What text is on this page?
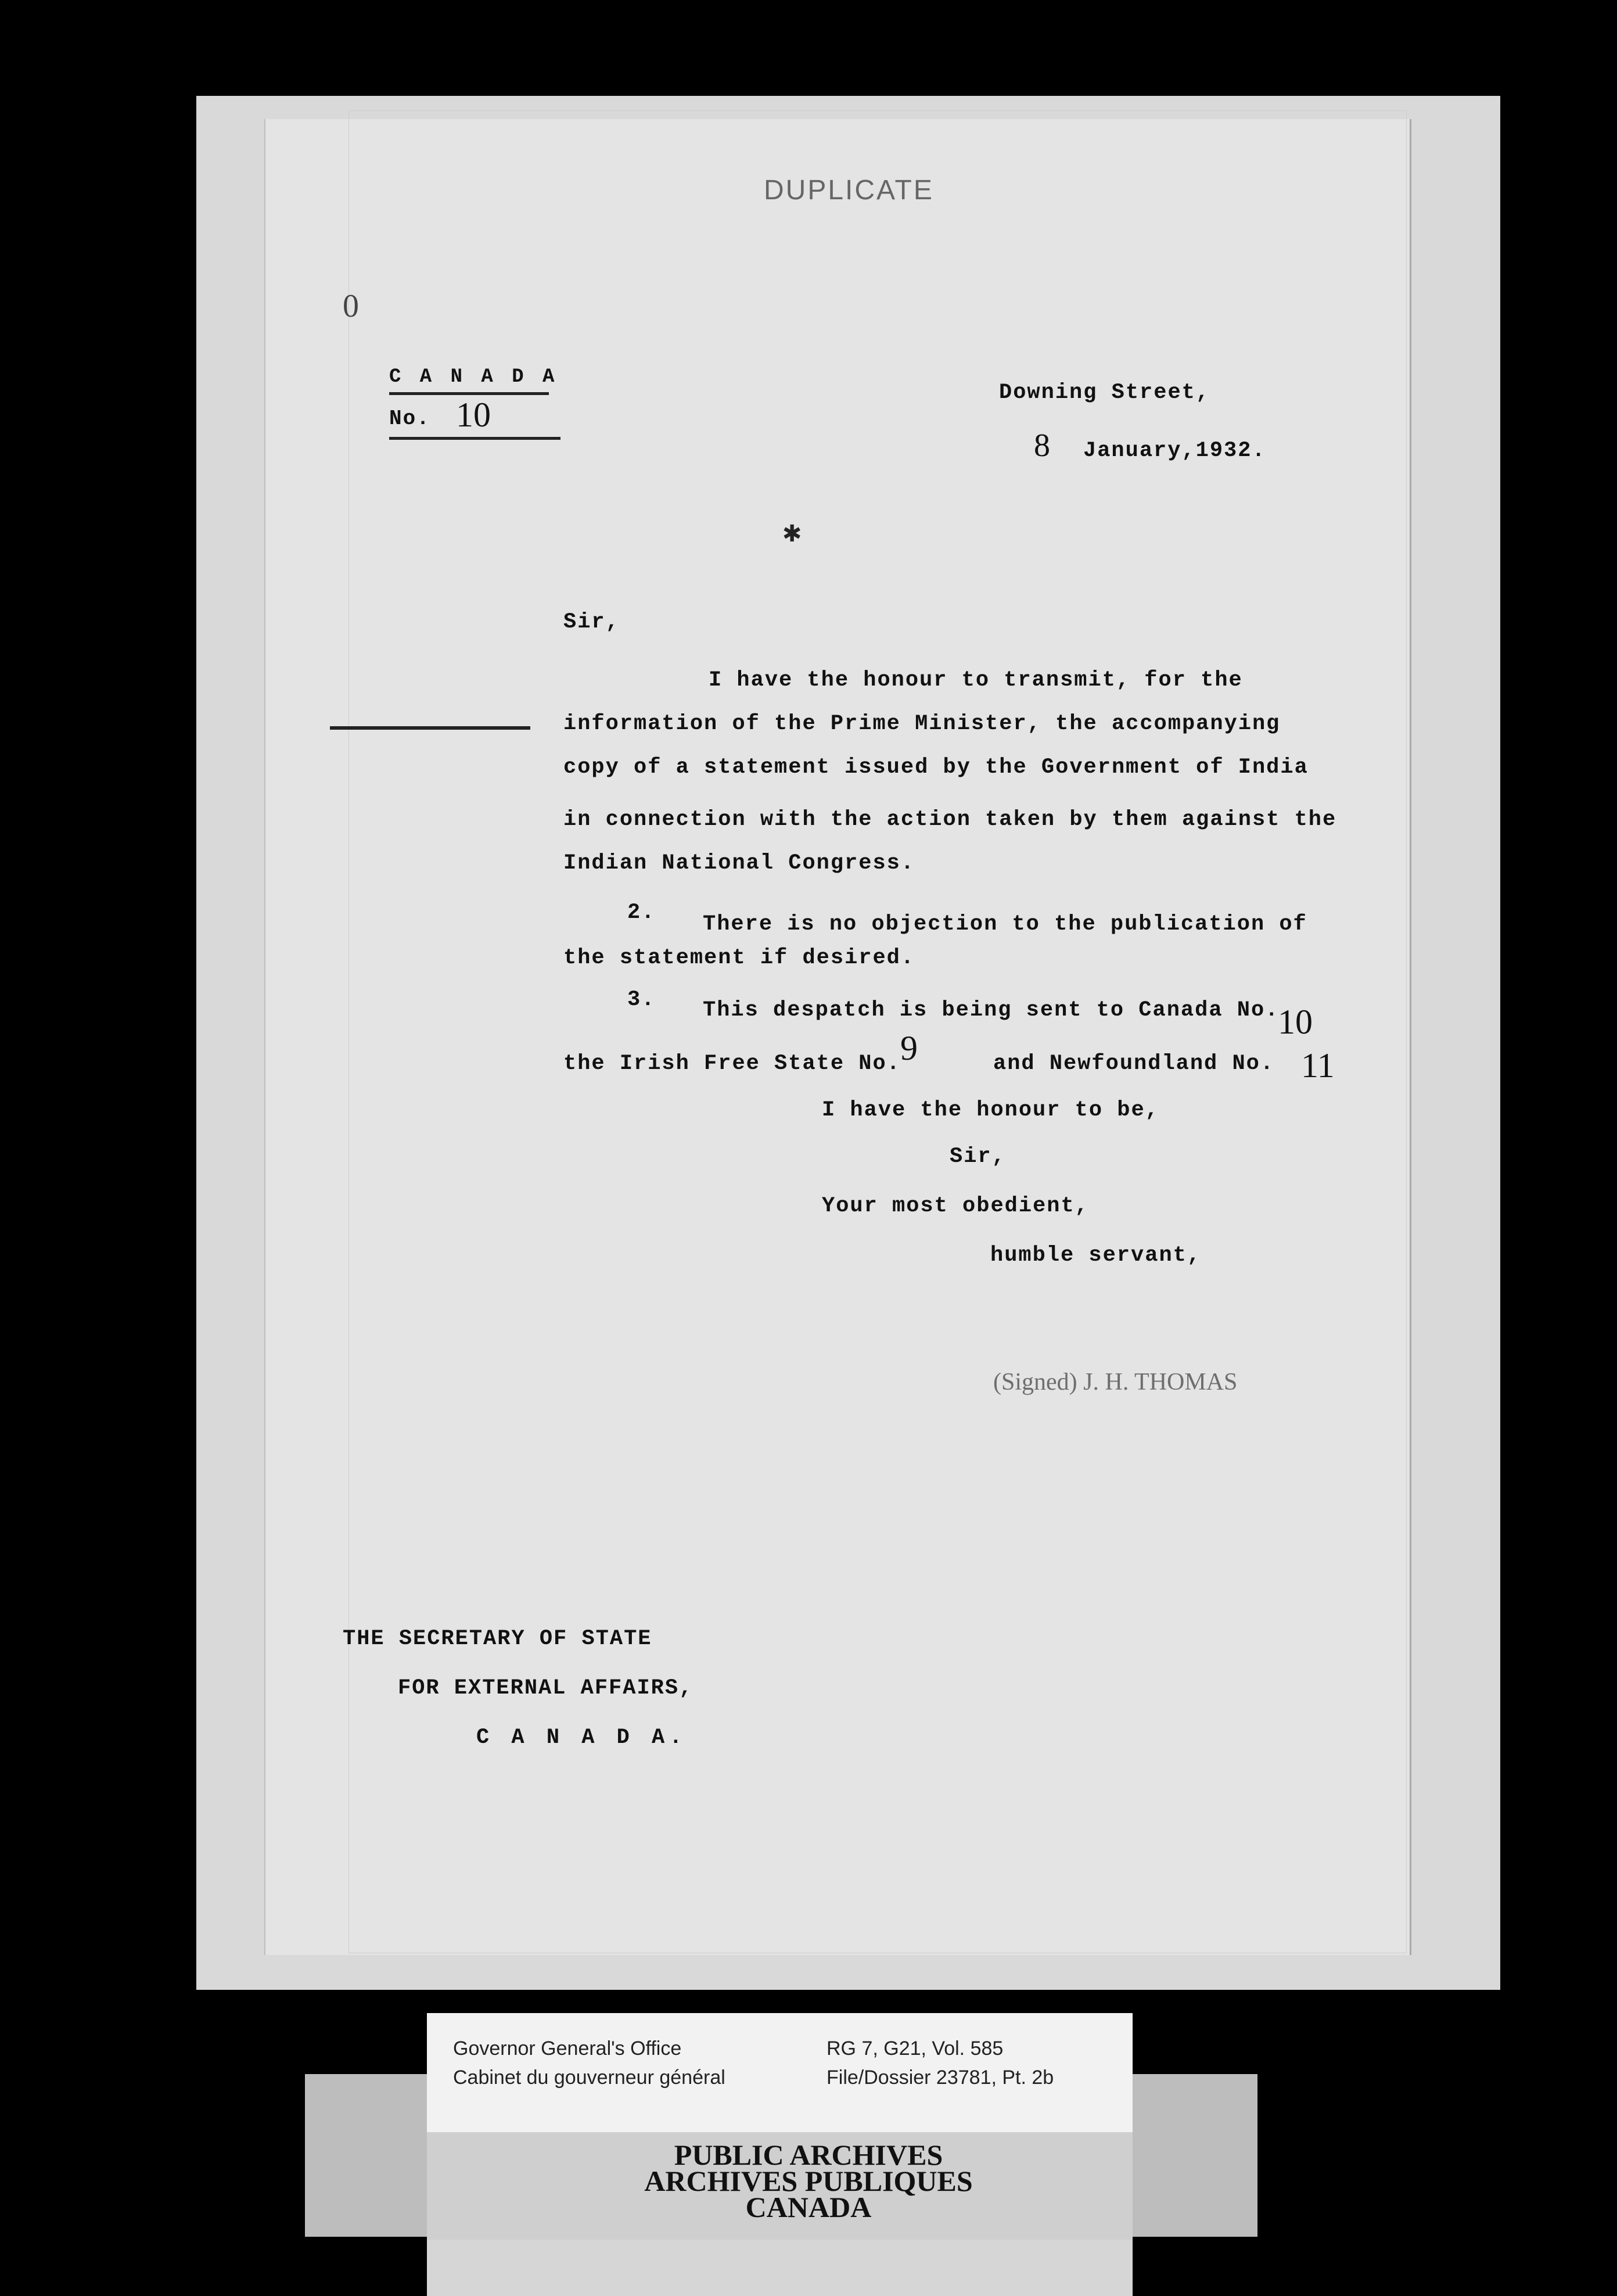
DUPLICATE
0
C A N A D A
No. 10
Downing Street,
8 January,1932.
✱
Sir,
I have the honour to transmit, for the
information of the Prime Minister, the accompanying
copy of a statement issued by the Government of India
in connection with the action taken by them against the
Indian National Congress.
2. There is no objection to the publication of
the statement if desired.
3. This despatch is being sent to Canada No.
10
the Irish Free State No. 9	and Newfoundland No. 11
I have the honour to be,
Sir,
Your most obedient,
humble servant,
(Signed) J. H. THOMAS
THE SECRETARY OF STATE
FOR EXTERNAL AFFAIRS,
C A N A D A.
Governor General's Office
Cabinet du gouverneur général
RG 7, G21, Vol. 585
File/Dossier 23781, Pt. 2b
PUBLIC ARCHIVES
ARCHIVES PUBLIQUES
CANADA
